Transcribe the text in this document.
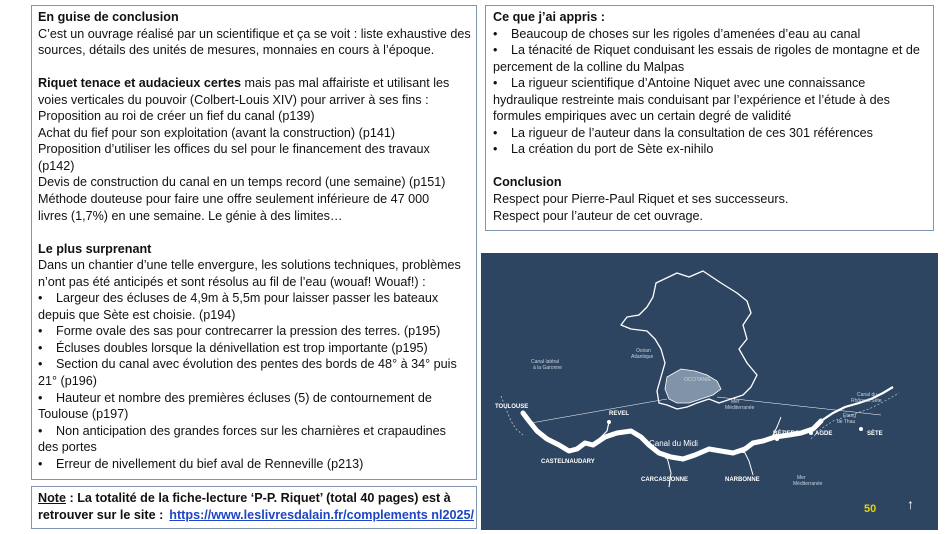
En guise de conclusion
C’est un ouvrage réalisé par un scientifique et ça se voit : liste exhaustive des
sources, détails des unités de mesures, monnaies en cours à l’époque.
Riquet tenace et audacieux certes mais pas mal affairiste et utilisant les
voies verticales du pouvoir (Colbert-Louis XIV) pour arriver à ses fins :
Proposition au roi de créer un fief du canal (p139)
Achat du fief pour son exploitation (avant la construction) (p141)
Proposition d’utiliser les offices du sel pour le financement des travaux
(p142)
Devis de construction du canal en un temps record (une semaine) (p151)
Méthode douteuse pour faire une offre seulement inférieure de 47 000
livres (1,7%) en une semaine. Le génie à des limites…
Le plus surprenant
Dans un chantier d’une telle envergure, les solutions techniques, problèmes
n’ont pas été anticipés et sont résolus au fil de l’eau (wouaf! Wouaf!) :
• Largeur des écluses de 4,9m à 5,5m pour laisser passer les bateaux
depuis que Sète est choisie. (p194)
• Forme ovale des sas pour contrecarrer la pression des terres. (p195)
• Écluses doubles lorsque la dénivellation est trop importante (p195)
• Section du canal avec évolution des pentes des bords de 48° à 34° puis
21° (p196)
• Hauteur et nombre des premières écluses (5) de contournement de
Toulouse (p197)
• Non anticipation des grandes forces sur les charnières et crapaudines
des portes
• Erreur de nivellement du bief aval de Renneville (p213)
Ce que j’ai appris :
• Beaucoup de choses sur les rigoles d’amenées d’eau au canal
• La ténacité de Riquet conduisant les essais de rigoles de montagne et de
percement de la colline du Malpas
• La rigueur scientifique d’Antoine Niquet avec une connaissance
hydraulique restreinte mais conduisant par l’expérience et l’étude à des
formules empiriques avec un certain degré de validité
• La rigueur de l’auteur dans la consultation de ces 301 références
• La création du port de Sète ex-nihilo
Conclusion
Respect pour Pierre-Paul Riquet et ses successeurs.
Respect pour l’auteur de cet ouvrage.
Note : La totalité de la fiche-lecture ‘P-P. Riquet’ (total 40 pages) est à
retrouver sur le site : https://www.leslivresdalain.fr/complements nl2025/
Océan
Atlantique
OCCITANIE
Mer
Méditerranée
Canal latéral
à la Garonne
TOULOUSE
REVEL
CASTELNAUDARY
Canal du Midi
CARCASSONNE	NARBONNE
BÉZIERS	AGDE	SÈTE
Étang
de Thau
Canal du
Rhône à Sète
Mer
Méditerranée
50 ↑
